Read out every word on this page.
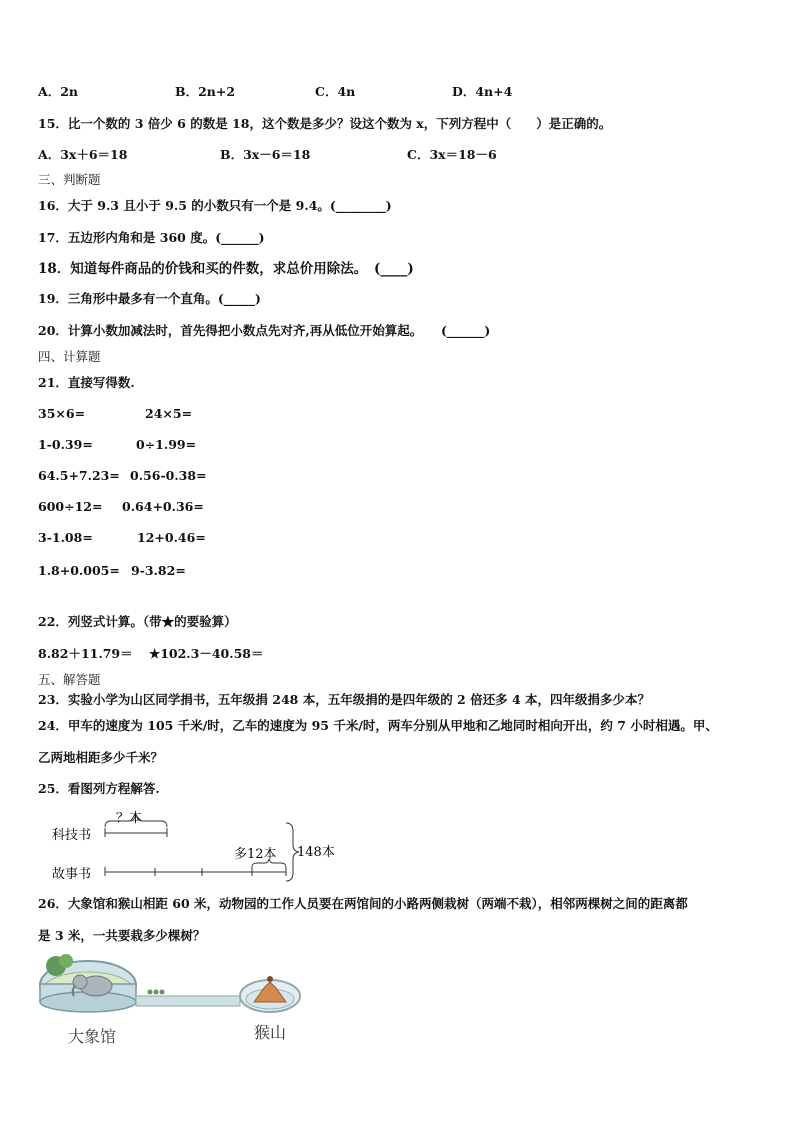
A．2n	B．2n+2	C．4n	D．4n+4
15．比一个数的 3 倍少 6 的数是 18，这个数是多少？设这个数为 x，下列方程中（　　）是正确的。
A．3x＋6＝18	B．3x－6＝18	C．3x＝18－6
三、判断题
16．大于 9.3 且小于 9.5 的小数只有一个是 9.4。(________)
17．五边形内角和是 360 度。(______)
18．知道每件商品的价钱和买的件数，求总价用除法。　(____)
19．三角形中最多有一个直角。(_____)
20．计算小数加减法时，首先得把小数点先对齐,再从低位开始算起。　　(______)
四、计算题
21．直接写得数.
35×6=	24×5=
1-0.39=	0÷1.99=
64.5+7.23= 0.56-0.38=
600÷12= 0.64+0.36=
3-1.08=	12+0.46=
1.8+0.005= 9-3.82=
22．列竖式计算。（带★的要验算）
8.82＋11.79＝ ★102.3－40.58＝
五、解答题
23．实验小学为山区同学捐书，五年级捐 248 本，五年级捐的是四年级的 2 倍还多 4 本，四年级捐多少本？
24．甲车的速度为 105 千米/时，乙车的速度为 95 千米/时，两车分别从甲地和乙地同时相向开出，约 7 小时相遇。甲、
乙两地相距多少千米？
25．看图列方程解答.
科技书
故事书
？本
多12本 148本
26．大象馆和猴山相距 60 米，动物园的工作人员要在两馆间的小路两侧栽树（两端不栽），相邻两棵树之间的距离都
是 3 米，一共要栽多少棵树？
大象馆	猴山
